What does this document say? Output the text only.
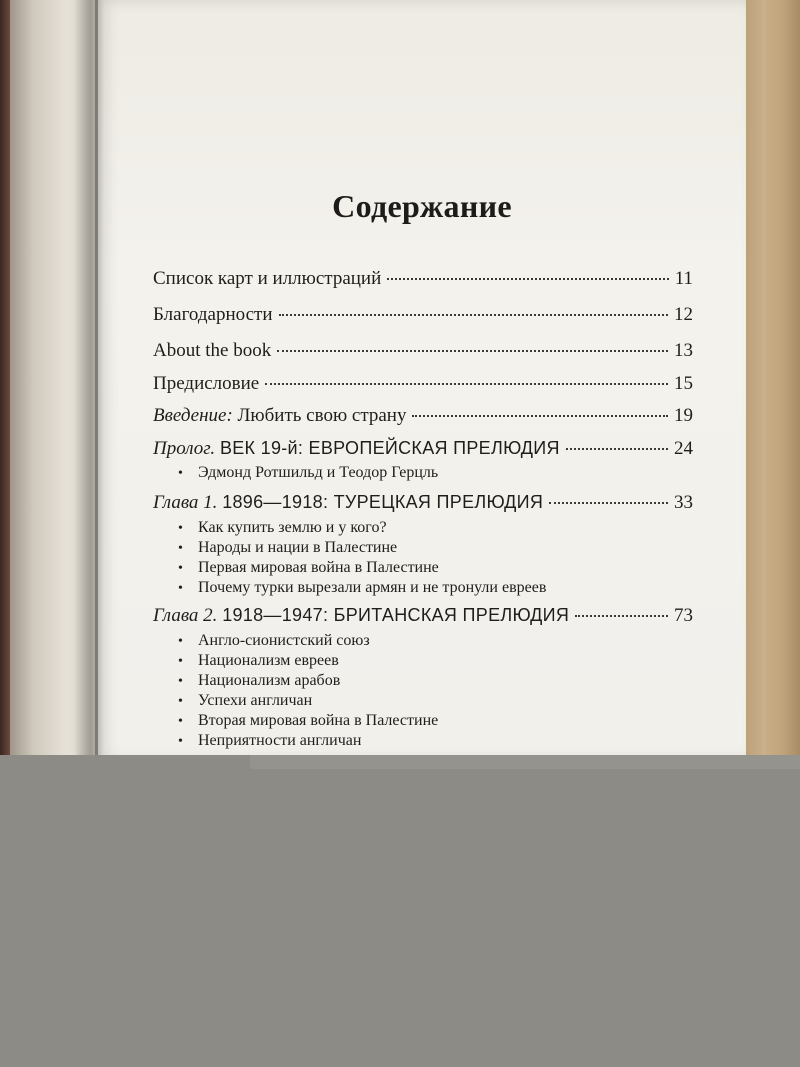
Содержание
Список карт и иллюстраций	11
Благодарности	12
About the book	13
Предисловие	15
Введение: Любить свою страну	19
Пролог. ВЕК 19-й: ЕВРОПЕЙСКАЯ ПРЕЛЮДИЯ	24
• Эдмонд Ротшильд и Теодор Герцль
Глава 1. 1896—1918: ТУРЕЦКАЯ ПРЕЛЮДИЯ	33
• Как купить землю и у кого?
• Народы и нации в Палестине
• Первая мировая война в Палестине
• Почему турки вырезали армян и не тронули евреев
Глава 2. 1918—1947: БРИТАНСКАЯ ПРЕЛЮДИЯ	73
• Англо-сионистский союз
• Национализм евреев
• Национализм арабов
• Успехи англичан
• Вторая мировая война в Палестине
• Неприятности англичан
